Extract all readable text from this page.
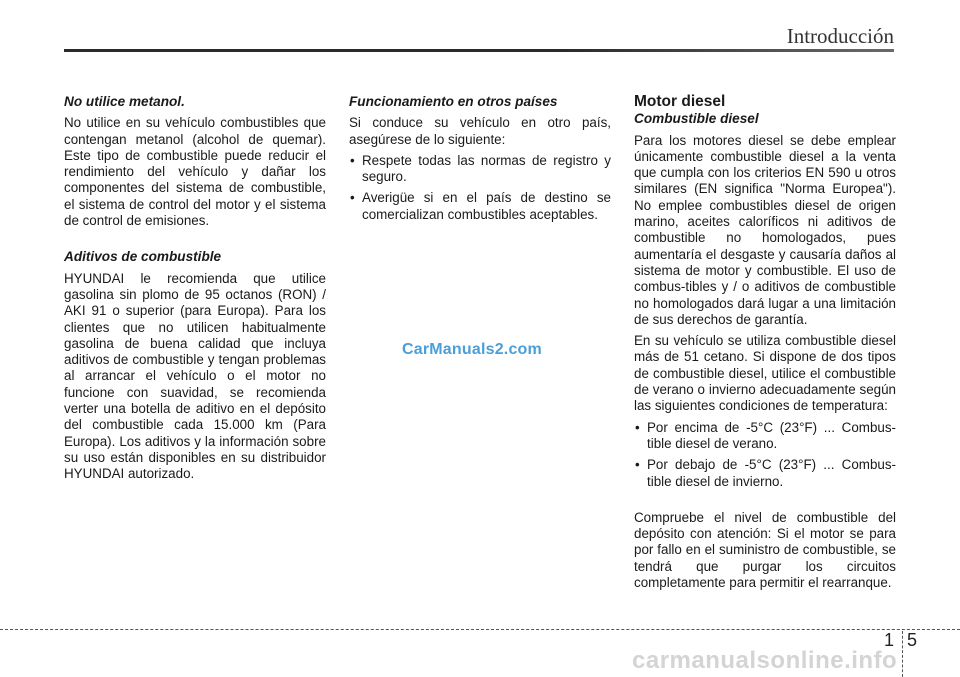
Introducción
No utilice metanol.

No utilice en su vehículo combustibles que contengan metanol (alcohol de quemar). Este tipo de combustible puede reducir el rendimiento del vehículo y dañar los componentes del sistema de combustible, el sistema de control del motor y el sistema de control de emisiones.

Aditivos de combustible

HYUNDAI le recomienda que utilice gasolina sin plomo de 95 octanos (RON) / AKI 91 o superior (para Europa). Para los clientes que no utilicen habitualmente gasolina de buena calidad que incluya aditivos de combustible y tengan problemas al arrancar el vehículo o el motor no funcione con suavidad, se recomienda verter una botella de aditivo en el depósito del combustible cada 15.000 km (Para Europa). Los aditivos y la información sobre su uso están disponibles en su distribuidor HYUNDAI autorizado.

Funcionamiento en otros países

Si conduce su vehículo en otro país, asegúrese de lo siguiente:

• Respete todas las normas de registro y seguro.
• Averigüe si en el país de destino se comercializan combustibles aceptables.
Motor diesel
Combustible diesel

Para los motores diesel se debe emplear únicamente combustible diesel a la venta que cumpla con los criterios EN 590 u otros similares (EN significa "Norma Europea"). No emplee combustibles diesel de origen marino, aceites caloríficos ni aditivos de combustible no homologados, pues aumentaría el desgaste y causaría daños al sistema de motor y combustible. El uso de combus-tibles y / o aditivos de combustible no homologados dará lugar a una limitación de sus derechos de garantía.

En su vehículo se utiliza combustible diesel más de 51 cetano. Si dispone de dos tipos de combustible diesel, utilice el combustible de verano o invierno adecuadamente según las siguientes condiciones de temperatura:

• Por encima de -5°C (23°F) ... Combus-tible diesel de verano.
• Por debajo de -5°C (23°F) ... Combus-tible diesel de invierno.

Compruebe el nivel de combustible del depósito con atención: Si el motor se para por fallo en el suministro de combustible, se tendrá que purgar los circuitos completamente para permitir el rearranque.

CarManuals2.com
1 5
carmanualsonline.info
